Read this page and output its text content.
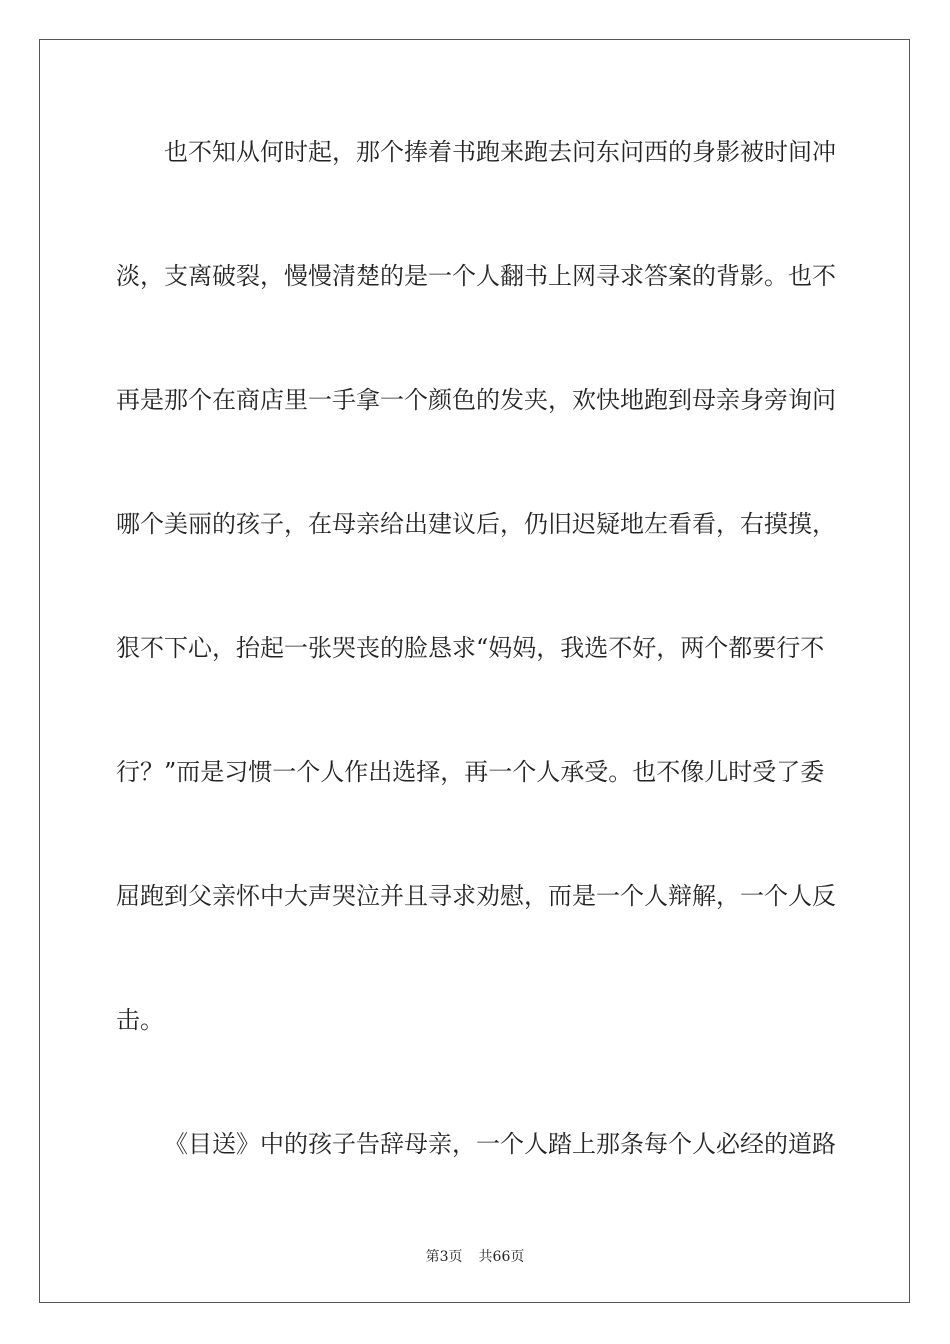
也不知从何时起，那个捧着书跑来跑去问东问西的身影被时间冲
淡，支离破裂，慢慢清楚的是一个人翻书上网寻求答案的背影。也不
再是那个在商店里一手拿一个颜色的发夹，欢快地跑到母亲身旁询问
哪个美丽的孩子，在母亲给出建议后，仍旧迟疑地左看看，右摸摸，
狠不下心，抬起一张哭丧的脸恳求“妈妈，我选不好，两个都要行不
行？”而是习惯一个人作出选择，再一个人承受。也不像儿时受了委
屈跑到父亲怀中大声哭泣并且寻求劝慰，而是一个人辩解，一个人反
击。
《目送》中的孩子告辞母亲，一个人踏上那条每个人必经的道路
第3页 共66页
